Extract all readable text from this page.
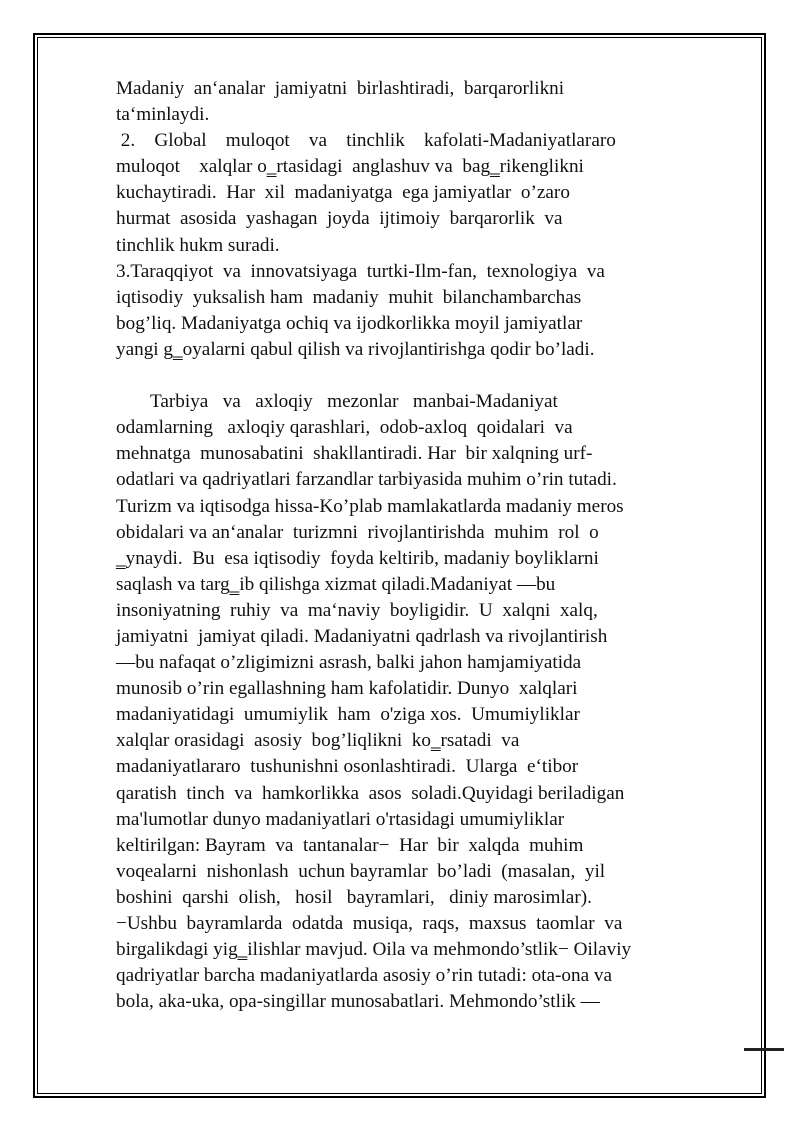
Madaniy  an‘analar  jamiyatni  birlashtiradi,  barqarorlikni
ta‘minlaydi.
2.    Global    muloqot    va    tinchlik    kafolati-Madaniyatlararo
muloqot    xalqlar o‗rtasidagi  anglashuv va  bag‗rikenglikni
kuchaytiradi.  Har  xil  madaniyatga  ega jamiyatlar  o’zaro
hurmat  asosida  yashagan  joyda  ijtimoiy  barqarorlik  va
tinchlik hukm suradi.
3.Taraqqiyot  va  innovatsiyaga  turtki-Ilm-fan,  texnologiya  va
iqtisodiy  yuksalish ham  madaniy  muhit  bilanchambarchas
bog’liq. Madaniyatga ochiq va ijodkorlikka moyil jamiyatlar
yangi g‗oyalarni qabul qilish va rivojlantirishga qodir bo’ladi.
Tarbiya   va   axloqiy   mezonlar   manbai-Madaniyat
odamlarning   axloqiy qarashlari,  odob-axloq  qoidalari  va
mehnatga  munosabatini  shakllantiradi. Har  bir xalqning urf-
odatlari va qadriyatlari farzandlar tarbiyasida muhim o’rin tutadi.
Turizm va iqtisodga hissa-Ko’plab mamlakatlarda madaniy meros
obidalari va an‘analar  turizmni  rivojlantirishda  muhim  rol  o
‗ynaydi.  Bu  esa iqtisodiy  foyda keltirib, madaniy boyliklarni
saqlash va targ‗ib qilishga xizmat qiladi.Madaniyat —bu
insoniyatning  ruhiy  va  ma‘naviy  boyligidir.  U  xalqni  xalq,
jamiyatni  jamiyat qiladi. Madaniyatni qadrlash va rivojlantirish
—bu nafaqat o’zligimizni asrash, balki jahon hamjamiyatida
munosib o’rin egallashning ham kafolatidir. Dunyo  xalqlari
madaniyatidagi  umumiylik  ham  o'ziga xos.  Umumiyliklar
xalqlar orasidagi  asosiy  bog’liqlikni  ko‗rsatadi  va
madaniyatlararo  tushunishni osonlashtiradi.  Ularga  e‘tibor
qaratish  tinch  va  hamkorlikka  asos  soladi.Quyidagi beriladigan
ma'lumotlar dunyo madaniyatlari o'rtasidagi umumiyliklar
keltirilgan: Bayram  va  tantanalar−  Har  bir  xalqda  muhim
voqealarni  nishonlash  uchun bayramlar  bo’ladi  (masalan,  yil
boshini  qarshi  olish,   hosil   bayramlari,   diniy marosimlar).
−Ushbu  bayramlarda  odatda  musiqa,  raqs,  maxsus  taomlar  va
birgalikdagi yig‗ilishlar mavjud. Oila va mehmondo’stlik− Oilaviy
qadriyatlar barcha madaniyatlarda asosiy o’rin tutadi: ota-ona va
bola, aka-uka, opa-singillar munosabatlari. Mehmondo’stlik —
